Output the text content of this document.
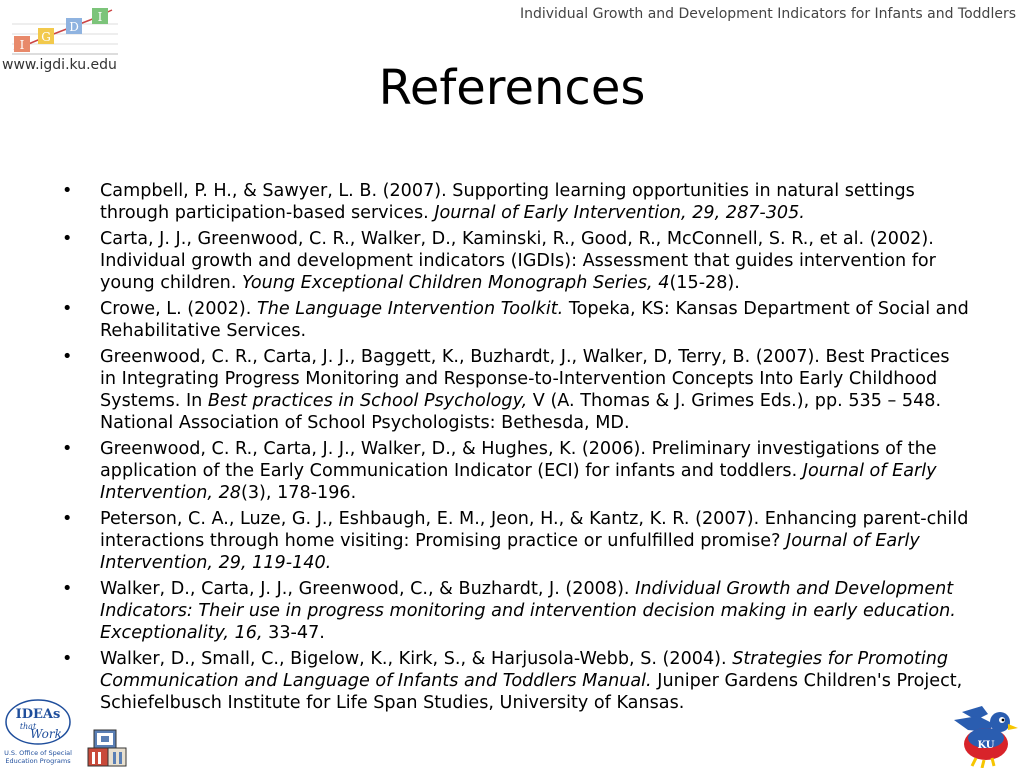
Individual Growth and Development Indicators for Infants and Toddlers
I
G
D
I
www.igdi.ku.edu	References
• Campbell, P. H., & Sawyer, L. B. (2007). Supporting learning opportunities in natural settings through participation-based services. Journal of Early Intervention, 29, 287-305.
• Carta, J. J., Greenwood, C. R., Walker, D., Kaminski, R., Good, R., McConnell, S. R., et al. (2002). Individual growth and development indicators (IGDIs): Assessment that guides intervention for young children. Young Exceptional Children Monograph Series, 4(15-28).
• Crowe, L. (2002). The Language Intervention Toolkit. Topeka, KS: Kansas Department of Social and Rehabilitative Services.
• Greenwood, C. R., Carta, J. J., Baggett, K., Buzhardt, J., Walker, D, Terry, B. (2007). Best Practices in Integrating Progress Monitoring and Response-to-Intervention Concepts Into Early Childhood Systems. In Best practices in School Psychology, V (A. Thomas & J. Grimes Eds.), pp. 535 – 548. National Association of School Psychologists: Bethesda, MD.
• Greenwood, C. R., Carta, J. J., Walker, D., & Hughes, K. (2006). Preliminary investigations of the application of the Early Communication Indicator (ECI) for infants and toddlers. Journal of Early Intervention, 28(3), 178-196.
• Peterson, C. A., Luze, G. J., Eshbaugh, E. M., Jeon, H., & Kantz, K. R. (2007). Enhancing parent-child interactions through home visiting: Promising practice or unfulfilled promise? Journal of Early Intervention, 29, 119-140.
• Walker, D., Carta, J. J., Greenwood, C., & Buzhardt, J. (2008). Individual Growth and Development Indicators: Their use in progress monitoring and intervention decision making in early education. Exceptionality, 16, 33-47.
• Walker, D., Small, C., Bigelow, K., Kirk, S., & Harjusola-Webb, S. (2004). Strategies for Promoting Communication and Language of Infants and Toddlers Manual. Juniper Gardens Children's Project, Schiefelbusch Institute for Life Span Studies, University of Kansas.
IDEAs
that
Work
U.S. Office of Special
Education Programs
KU
